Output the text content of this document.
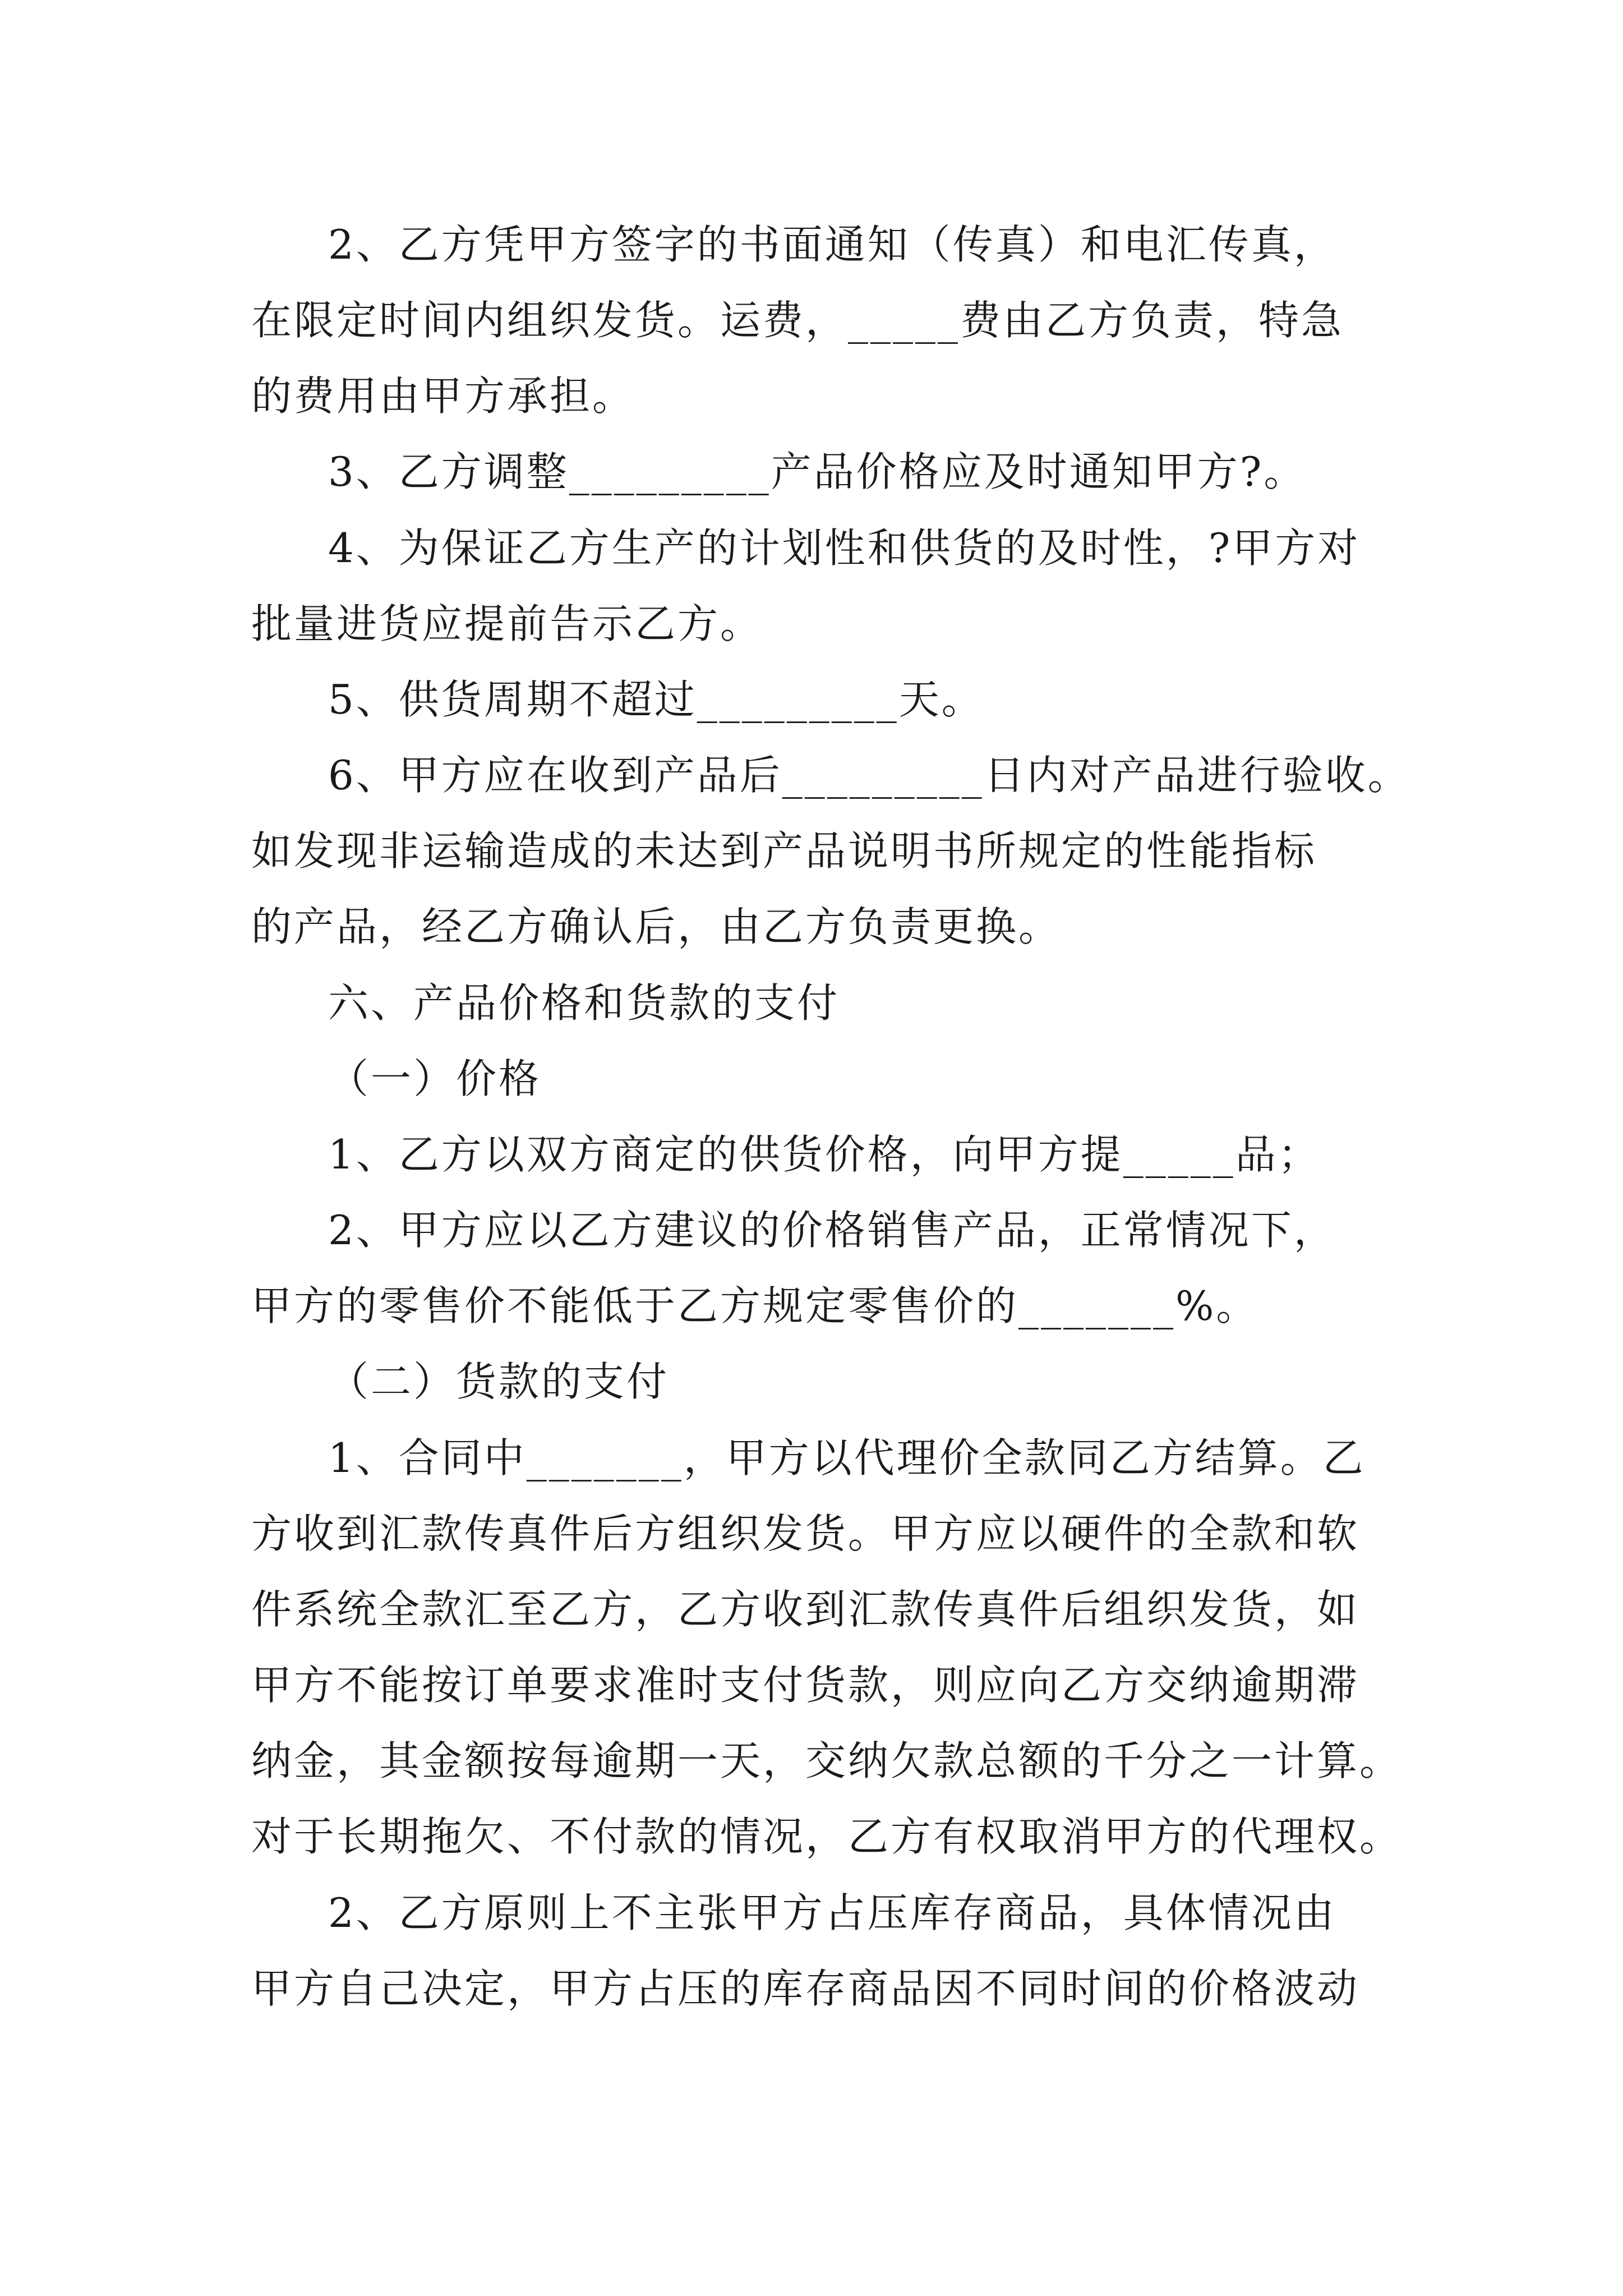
2、乙方凭甲方签字的书面通知（传真）和电汇传真，
在限定时间内组织发货。运费，_____费由乙方负责，特急
的费用由甲方承担。
3、乙方调整_________产品价格应及时通知甲方?。
4、为保证乙方生产的计划性和供货的及时性，?甲方对
批量进货应提前告示乙方。
5、供货周期不超过_________天。
6、甲方应在收到产品后_________日内对产品进行验收。
如发现非运输造成的未达到产品说明书所规定的性能指标
的产品，经乙方确认后，由乙方负责更换。
六、产品价格和货款的支付
（一）价格
1、乙方以双方商定的供货价格，向甲方提_____品；
2、甲方应以乙方建议的价格销售产品，正常情况下，
甲方的零售价不能低于乙方规定零售价的_______%。
（二）货款的支付
1、合同中_______，甲方以代理价全款同乙方结算。乙
方收到汇款传真件后方组织发货。甲方应以硬件的全款和软
件系统全款汇至乙方，乙方收到汇款传真件后组织发货，如
甲方不能按订单要求准时支付货款，则应向乙方交纳逾期滞
纳金，其金额按每逾期一天，交纳欠款总额的千分之一计算。
对于长期拖欠、不付款的情况，乙方有权取消甲方的代理权。
2、乙方原则上不主张甲方占压库存商品，具体情况由
甲方自己决定，甲方占压的库存商品因不同时间的价格波动
